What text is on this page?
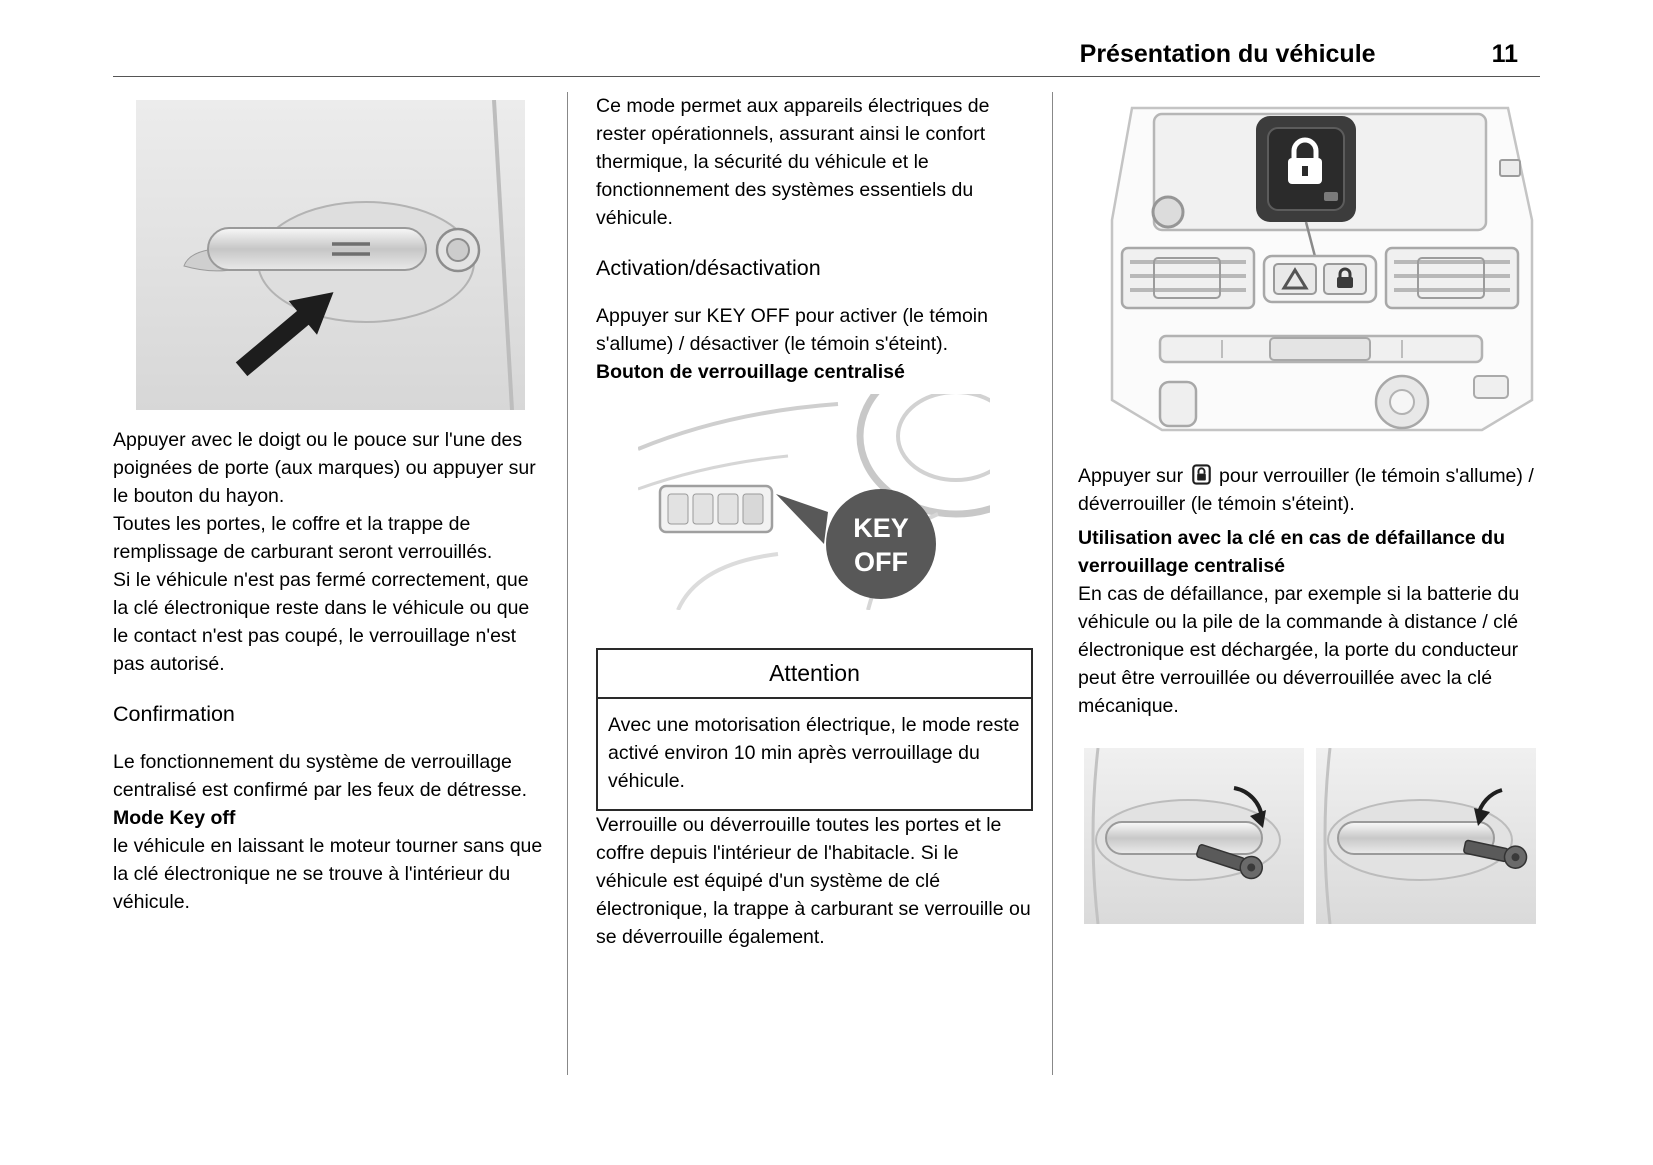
Présentation du véhicule	11

Appuyer avec le doigt ou le pouce sur l'une des poignées de porte (aux marques) ou appuyer sur le bouton du hayon.

Toutes les portes, le coffre et la trappe de remplissage de carburant seront verrouillés.

Si le véhicule n'est pas fermé correctement, que la clé électronique reste dans le véhicule ou que le contact n'est pas coupé, le verrouillage n'est pas autorisé.

Confirmation

Le fonctionnement du système de verrouillage centralisé est confirmé par les feux de détresse.

Mode Key off

le véhicule en laissant le moteur tourner sans que la clé électronique ne se trouve à l'intérieur du véhicule.

Ce mode permet aux appareils électriques de rester opérationnels, assurant ainsi le confort thermique, la sécurité du véhicule et le fonctionnement des systèmes essentiels du véhicule.

Activation/désactivation

Appuyer sur KEY OFF pour activer (le témoin s'allume) / désactiver (le témoin s'éteint).

Bouton de verrouillage centralisé
KEY
OFF
Attention
Avec une motorisation électrique, le mode reste activé environ 10 min après verrouillage du véhicule.

Verrouille ou déverrouille toutes les portes et le coffre depuis l'intérieur de l'habitacle. Si le véhicule est équipé d'un système de clé électronique, la trappe à carburant se verrouille ou se déverrouille également.

Appuyer sur pour verrouiller (le témoin s'allume) / déverrouiller (le témoin s'éteint).

Utilisation avec la clé en cas de défaillance du verrouillage centralisé

En cas de défaillance, par exemple si la batterie du véhicule ou la pile de la commande à distance / clé électronique est déchargée, la porte du conducteur peut être verrouillée ou déverrouillée avec la clé mécanique.
